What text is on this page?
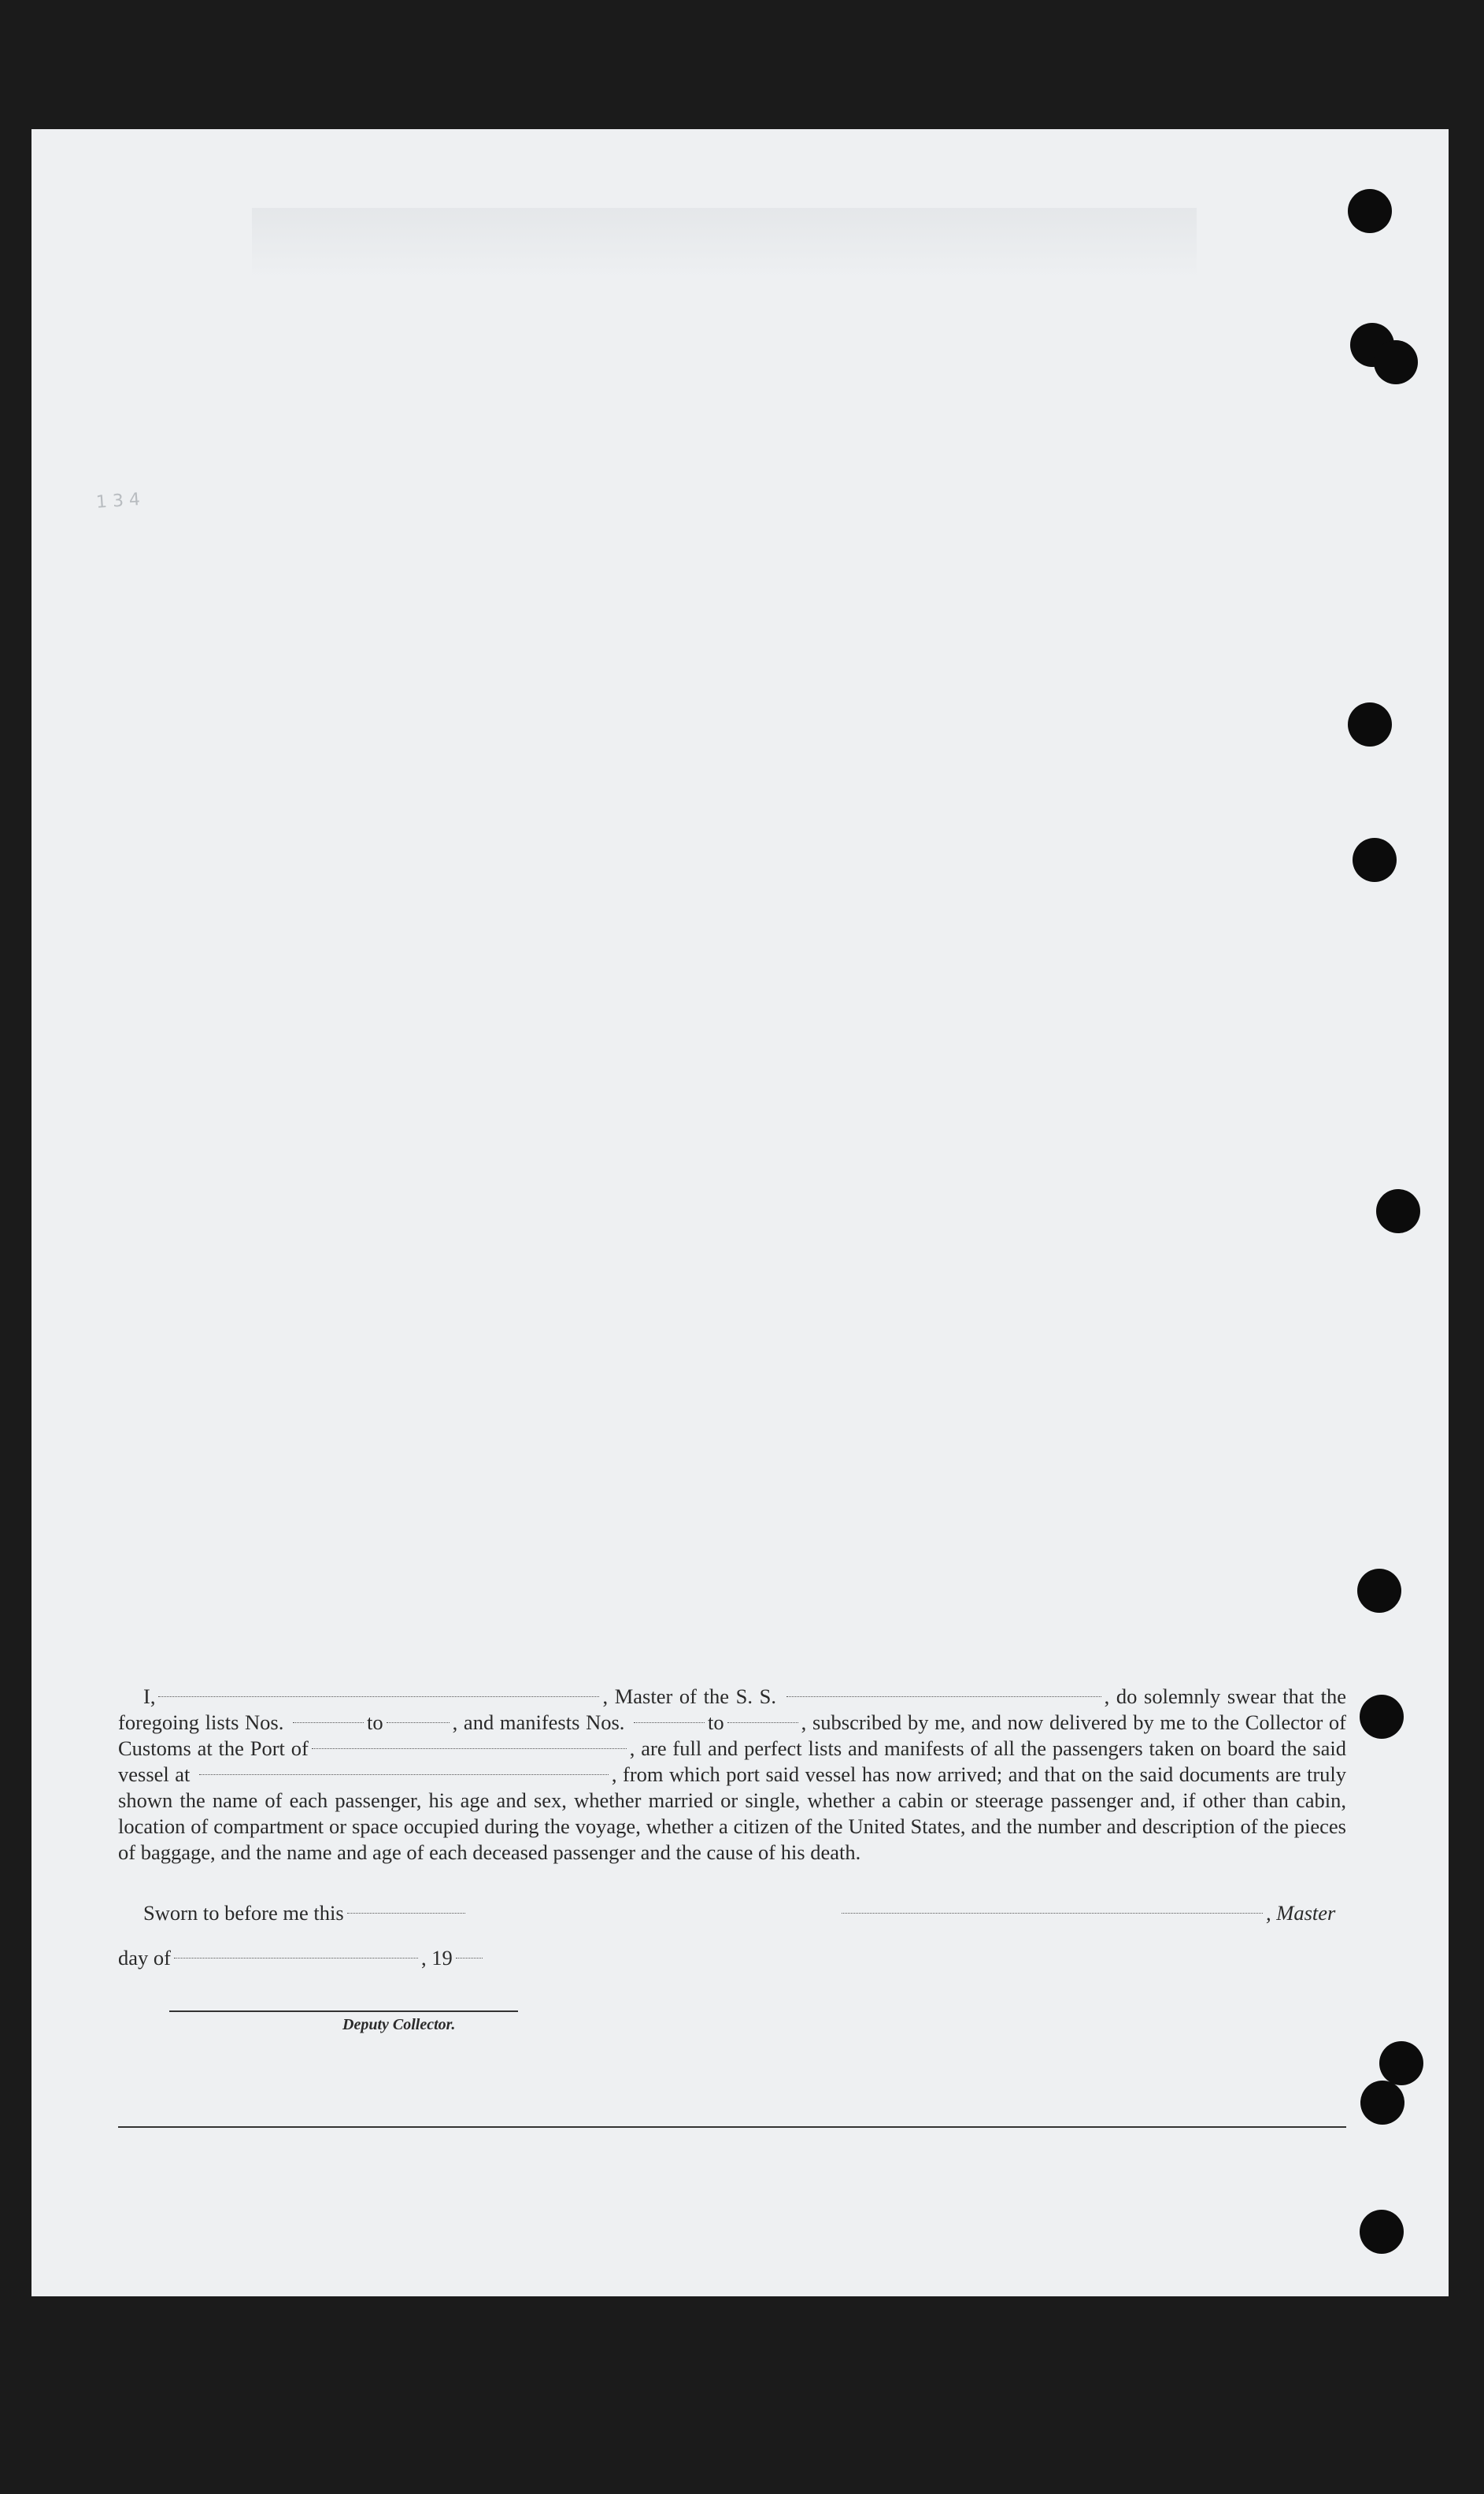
1 3 4

I,	, Master of the S. S.	, do solemnly swear that the foregoing lists Nos.	to	, and manifests Nos.	to	, subscribed by me, and now delivered by me to the Collector of Customs at the Port of	, are full and perfect lists and manifests of all the passengers taken on board the said vessel at	, from which port said vessel has now arrived; and that on the said documents are truly shown the name of each passenger, his age and sex, whether married or single, whether a cabin or steerage passenger and, if other than cabin, location of compartment or space occupied during the voyage, whether a citizen of the United States, and the number and description of the pieces of baggage, and the name and age of each deceased passenger and the cause of his death.

Sworn to before me this	, Master
day of	, 19
Deputy Collector.
